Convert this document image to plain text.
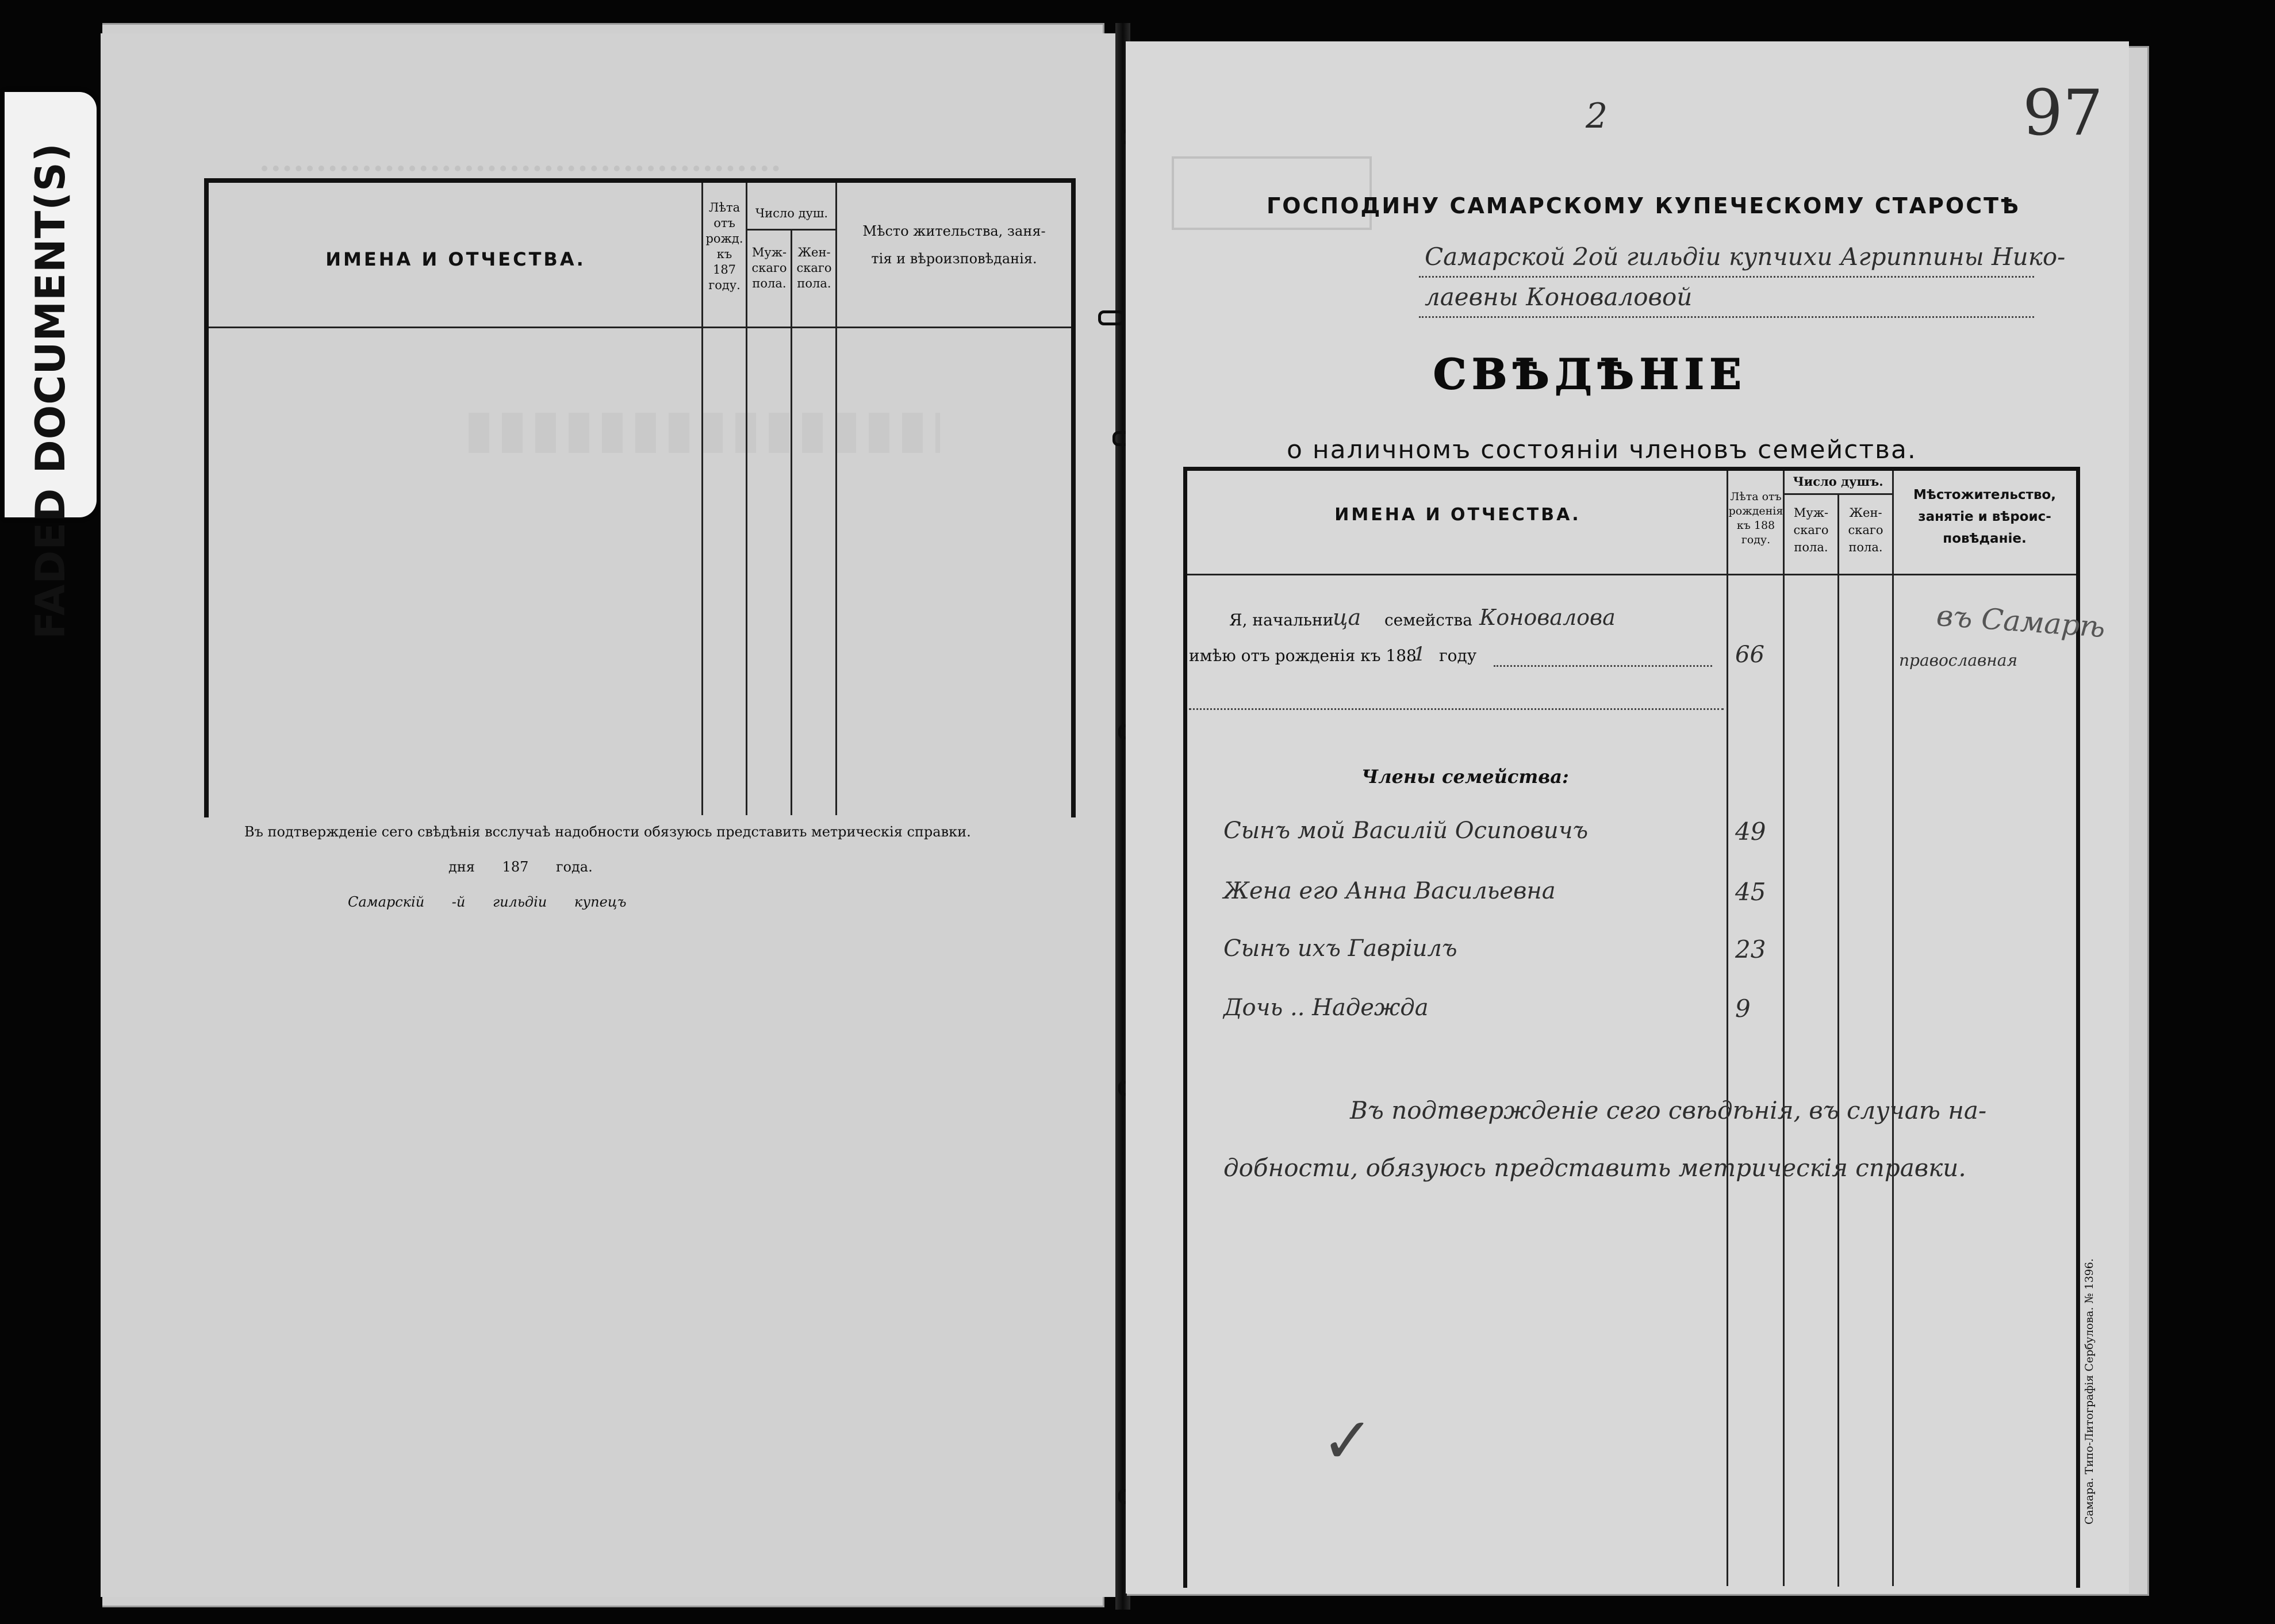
FADED DOCUMENT(S)	ИМЕНА И ОТЧЕСТВА.
Лѣта
отъ
рожд.
къ
187
году.
Число душ.
Муж-
скаго
пола.
Жен-
скаго
пола.
Мѣсто жительства, заня-
тія и вѣроизповѣданія.
Въ подтвержденіе сего свѣдѣнія всслучаѣ надобности обязуюсь представить метрическія справки.
дня 187 года.
Самарскій -й гильдіи купецъ
2	97
ГОСПОДИНУ САМАРСКОМУ КУПЕЧЕСКОМУ СТАРОСТѢ
Самарской 2ой гильдіи купчихи Агриппины Нико-
лаевны Коноваловой
СВѢДѢНІЕ
о наличномъ состояніи членовъ семейства.
ИМЕНА И ОТЧЕСТВА.
Лѣта отъ
рожденія
къ 188
году.
Число душъ.
Муж-
скаго
пола.
Жен-
скаго
пола.
Мѣстожительство,
занятіе и вѣроис-
повѣданіе.
Я, начальни
ца семейства Коновалова
имѣю отъ рожденія къ 188
1 году	66
въ Самарѣ
православная
Члены семейства:
Сынъ мой Василій Осиповичъ	49
Жена его Анна Васильевна	45
Сынъ ихъ Гавріилъ	23
Дочь .. Надежда	9
Въ подтвержденіе сего свѣдѣнія, въ случаѣ на-
добности, обязуюсь представить метрическія справки.
✓	Самара. Типо-Литографія Сербулова. № 1396.
